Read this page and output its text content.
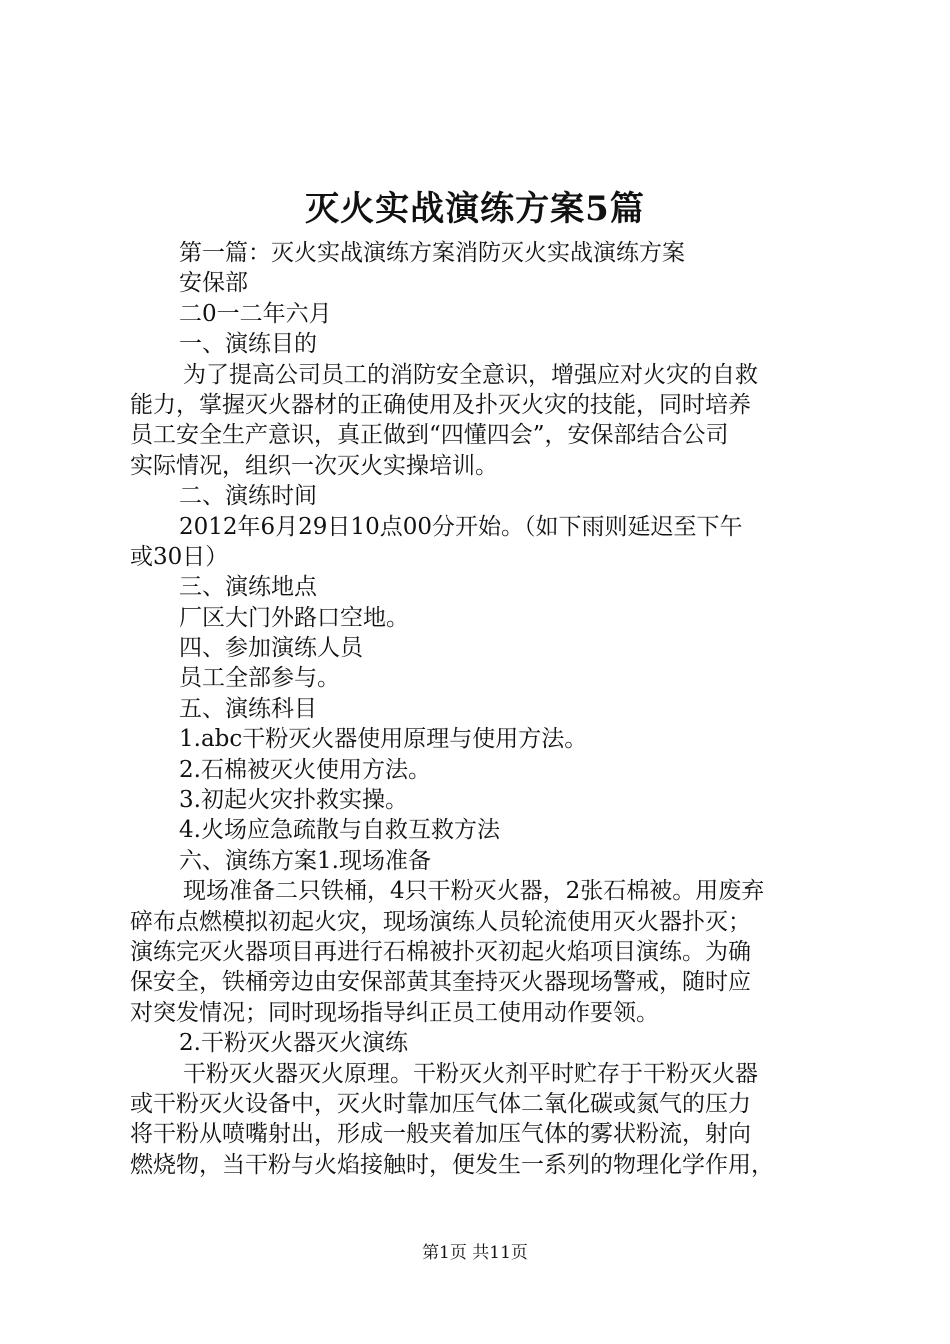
灭火实战演练方案5篇
第一篇：灭火实战演练方案消防灭火实战演练方案
安保部
二0一二年六月
一、演练目的
为了提高公司员工的消防安全意识，增强应对火灾的自救
能力，掌握灭火器材的正确使用及扑灭火灾的技能，同时培养
员工安全生产意识，真正做到“四懂四会”，安保部结合公司
实际情况，组织一次灭火实操培训。
二、演练时间
2012年6月29日10点00分开始。（如下雨则延迟至下午
或30日）
三、演练地点
厂区大门外路口空地。
四、参加演练人员
员工全部参与。
五、演练科目
1.abc干粉灭火器使用原理与使用方法。
2.石棉被灭火使用方法。
3.初起火灾扑救实操。
4.火场应急疏散与自救互救方法
六、演练方案1.现场准备
现场准备二只铁桶，4只干粉灭火器，2张石棉被。用废弃
碎布点燃模拟初起火灾，现场演练人员轮流使用灭火器扑灭；
演练完灭火器项目再进行石棉被扑灭初起火焰项目演练。为确
保安全，铁桶旁边由安保部黄其奎持灭火器现场警戒，随时应
对突发情况；同时现场指导纠正员工使用动作要领。
2.干粉灭火器灭火演练
干粉灭火器灭火原理。干粉灭火剂平时贮存于干粉灭火器
或干粉灭火设备中，灭火时靠加压气体二氧化碳或氮气的压力
将干粉从喷嘴射出，形成一般夹着加压气体的雾状粉流，射向
燃烧物，当干粉与火焰接触时，便发生一系列的物理化学作用，
第1页 共11页
